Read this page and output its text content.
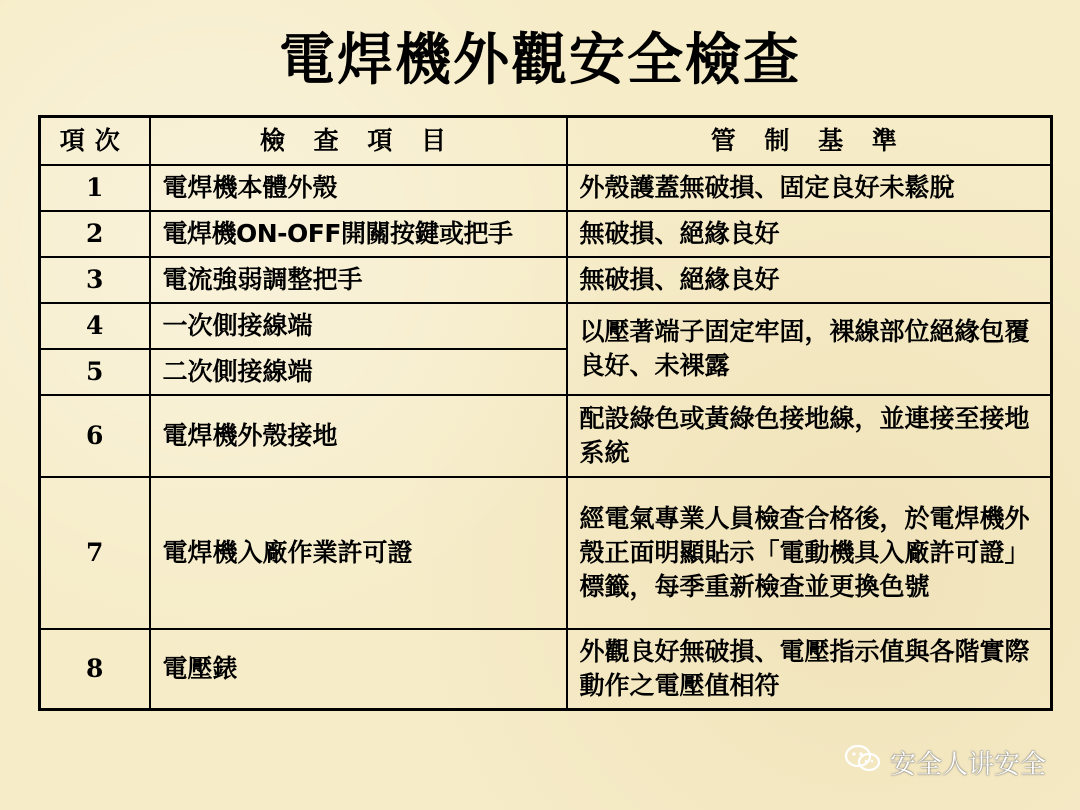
電焊機外觀安全檢查
項次	檢 查 項 目	管 制 基 準
1	電焊機本體外殼	外殼護蓋無破損、固定良好未鬆脫
2	電焊機ON-OFF開關按鍵或把手	無破損、絕緣良好
3	電流強弱調整把手	無破損、絕緣良好
4	一次側接線端	以壓著端子固定牢固，裸線部位絕緣包覆良好、未裸露
5	二次側接線端	
6	電焊機外殼接地	配設綠色或黃綠色接地線，並連接至接地系統
7	電焊機入廠作業許可證	經電氣專業人員檢查合格後，於電焊機外殼正面明顯貼示「電動機具入廠許可證」標籤，每季重新檢查並更換色號
8	電壓錶	外觀良好無破損、電壓指示值與各階實際動作之電壓值相符
安全人讲安全
